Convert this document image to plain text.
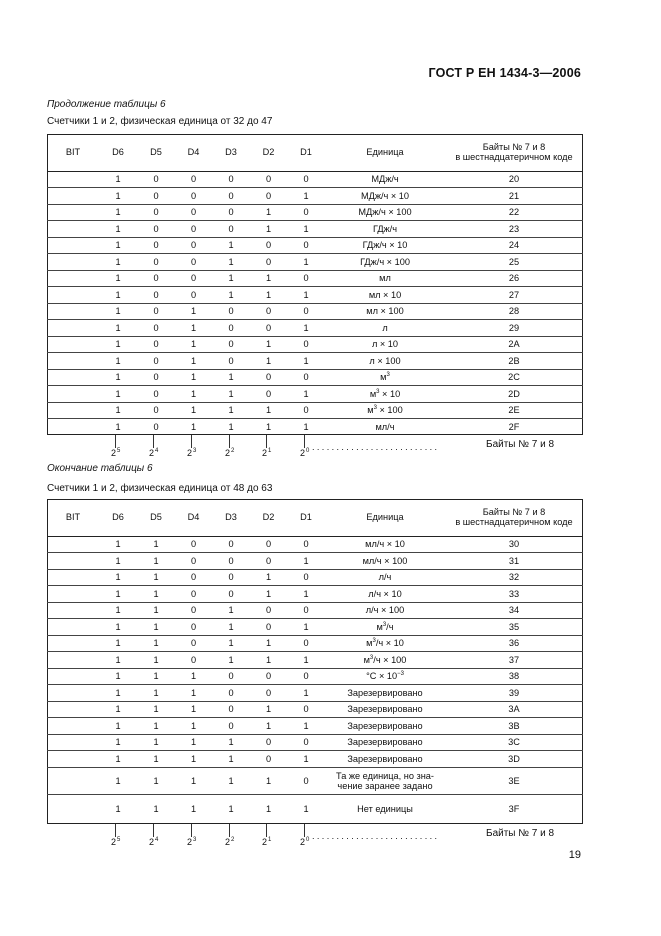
ГОСТ Р ЕН 1434-3—2006
Продолжение таблицы 6
Счетчики 1 и 2, физическая единица от 32 до 47
BIT	D6	D5	D4	D3	D2	D1	Единица	Байты № 7 и 8
в шестнадцатеричном коде
	1	0	0	0	0	0	МДж/ч	20
	1	0	0	0	0	1	МДж/ч × 10	21
	1	0	0	0	1	0	МДж/ч × 100	22
	1	0	0	0	1	1	ГДж/ч	23
	1	0	0	1	0	0	ГДж/ч × 10	24
	1	0	0	1	0	1	ГДж/ч × 100	25
	1	0	0	1	1	0	мл	26
	1	0	0	1	1	1	мл × 10	27
	1	0	1	0	0	0	мл × 100	28
	1	0	1	0	0	1	л	29
	1	0	1	0	1	0	л × 10	2A
	1	0	1	0	1	1	л × 100	2B
	1	0	1	1	0	0	$м^3$	2C
	1	0	1	1	0	1	$м^3 \times 10$	2D
	1	0	1	1	1	0	$м^3 \times 100$	2E
	1	0	1	1	1	1	мл/ч	2F
$2^5$	$2^4$	$2^3$	$2^2$	$2^1$	$2^0$ ..........................	Байты № 7 и 8
Окончание таблицы 6
Счетчики 1 и 2, физическая единица от 48 до 63
BIT	D6	D5	D4	D3	D2	D1	Единица	Байты № 7 и 8
в шестнадцатеричном коде
	1	1	0	0	0	0	мл/ч × 10	30
	1	1	0	0	0	1	мл/ч × 100	31
	1	1	0	0	1	0	л/ч	32
	1	1	0	0	1	1	л/ч × 10	33
	1	1	0	1	0	0	л/ч × 100	34
	1	1	0	1	0	1	$м^3/ч$	35
	1	1	0	1	1	0	$м^3/ч \times 10$	36
	1	1	0	1	1	1	$м^3/ч \times 100$	37
	1	1	1	0	0	0	$^\circ С \times 10^{-3}$	38
	1	1	1	0	0	1	Зарезервировано	39
	1	1	1	0	1	0	Зарезервировано	3A
	1	1	1	0	1	1	Зарезервировано	3B
	1	1	1	1	0	0	Зарезервировано	3C
	1	1	1	1	0	1	Зарезервировано	3D
	1	1	1	1	1	0	Та же единица, но зна-
чение заранее задано	3E
	1	1	1	1	1	1	Нет единицы	3F
$2^5$	$2^4$	$2^3$	$2^2$	$2^1$	$2^0$ ..........................	Байты № 7 и 8
19
